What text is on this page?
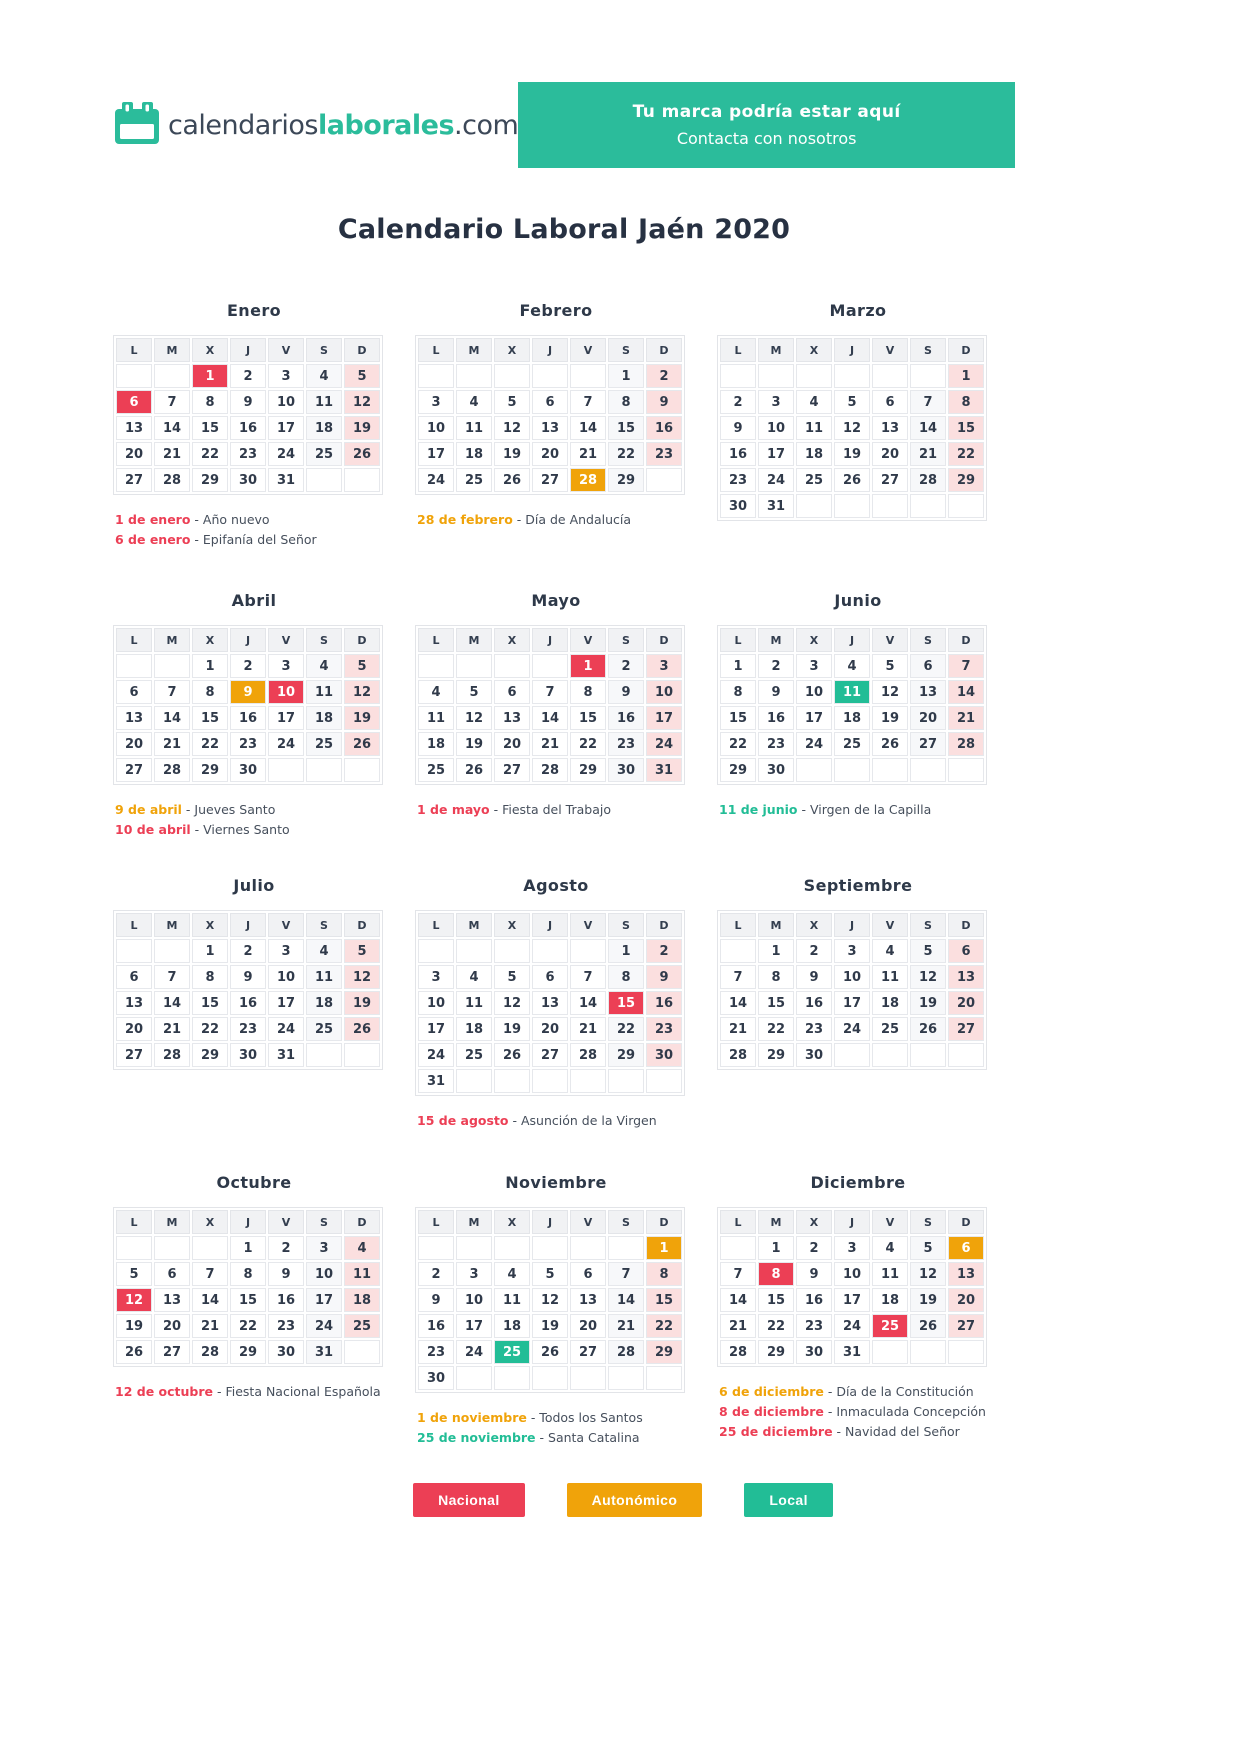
calendarioslaborales.com	Tu marca podría estar aquí
Contacta con nosotros
Calendario Laboral Jaén 2020
Enero
L	M	X	J	V	S	D
		1	2	3	4	5
6	7	8	9	10	11	12
13	14	15	16	17	18	19
20	21	22	23	24	25	26
27	28	29	30	31		
1 de enero - Año nuevo
6 de enero - Epifanía del Señor
Febrero
L	M	X	J	V	S	D
					1	2
3	4	5	6	7	8	9
10	11	12	13	14	15	16
17	18	19	20	21	22	23
24	25	26	27	28	29	
28 de febrero - Día de Andalucía
Marzo
L	M	X	J	V	S	D
						1
2	3	4	5	6	7	8
9	10	11	12	13	14	15
16	17	18	19	20	21	22
23	24	25	26	27	28	29
30	31					
Abril
L	M	X	J	V	S	D
		1	2	3	4	5
6	7	8	9	10	11	12
13	14	15	16	17	18	19
20	21	22	23	24	25	26
27	28	29	30			
9 de abril - Jueves Santo
10 de abril - Viernes Santo
Mayo
L	M	X	J	V	S	D
				1	2	3
4	5	6	7	8	9	10
11	12	13	14	15	16	17
18	19	20	21	22	23	24
25	26	27	28	29	30	31
1 de mayo - Fiesta del Trabajo
Junio
L	M	X	J	V	S	D
1	2	3	4	5	6	7
8	9	10	11	12	13	14
15	16	17	18	19	20	21
22	23	24	25	26	27	28
29	30					
11 de junio - Virgen de la Capilla
Julio
L	M	X	J	V	S	D
		1	2	3	4	5
6	7	8	9	10	11	12
13	14	15	16	17	18	19
20	21	22	23	24	25	26
27	28	29	30	31		
Agosto
L	M	X	J	V	S	D
					1	2
3	4	5	6	7	8	9
10	11	12	13	14	15	16
17	18	19	20	21	22	23
24	25	26	27	28	29	30
31						
15 de agosto - Asunción de la Virgen
Septiembre
L	M	X	J	V	S	D
	1	2	3	4	5	6
7	8	9	10	11	12	13
14	15	16	17	18	19	20
21	22	23	24	25	26	27
28	29	30				
Octubre
L	M	X	J	V	S	D
			1	2	3	4
5	6	7	8	9	10	11
12	13	14	15	16	17	18
19	20	21	22	23	24	25
26	27	28	29	30	31	
12 de octubre - Fiesta Nacional Española
Noviembre
L	M	X	J	V	S	D
						1
2	3	4	5	6	7	8
9	10	11	12	13	14	15
16	17	18	19	20	21	22
23	24	25	26	27	28	29
30						
1 de noviembre - Todos los Santos
25 de noviembre - Santa Catalina
Diciembre
L	M	X	J	V	S	D
	1	2	3	4	5	6
7	8	9	10	11	12	13
14	15	16	17	18	19	20
21	22	23	24	25	26	27
28	29	30	31			
6 de diciembre - Día de la Constitución
8 de diciembre - Inmaculada Concepción
25 de diciembre - Navidad del Señor
Nacional	Autonómico	Local
